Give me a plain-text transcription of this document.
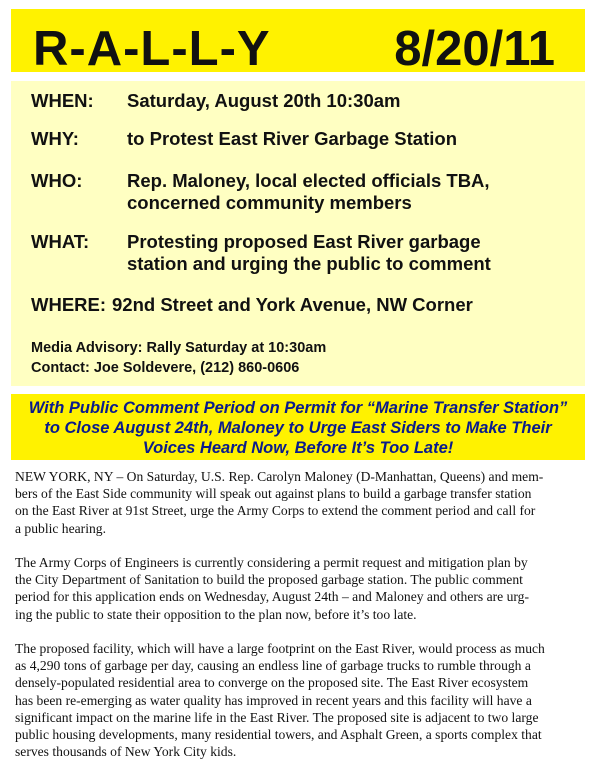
R-A-L-L-Y	8/20/11
WHEN: Saturday, August 20th 10:30am
WHY:	to Protest East River Garbage Station
WHO: Rep. Maloney, local elected officials TBA,
concerned community members
WHAT: Protesting proposed East River garbage
station and urging the public to comment
WHERE: 92nd Street and York Avenue, NW Corner
Media Advisory: Rally Saturday at 10:30am
Contact: Joe Soldevere, (212) 860-0606
With Public Comment Period on Permit for “Marine Transfer Station”
to Close August 24th, Maloney to Urge East Siders to Make Their
Voices Heard Now, Before It’s Too Late!
NEW YORK, NY – On Saturday, U.S. Rep. Carolyn Maloney (D-Manhattan, Queens) and mem-
bers of the East Side community will speak out against plans to build a garbage transfer station
on the East River at 91st Street, urge the Army Corps to extend the comment period and call for
a public hearing.
The Army Corps of Engineers is currently considering a permit request and mitigation plan by
the City Department of Sanitation to build the proposed garbage station. The public comment
period for this application ends on Wednesday, August 24th – and Maloney and others are urg-
ing the public to state their opposition to the plan now, before it’s too late.
The proposed facility, which will have a large footprint on the East River, would process as much
as 4,290 tons of garbage per day, causing an endless line of garbage trucks to rumble through a
densely-populated residential area to converge on the proposed site. The East River ecosystem
has been re-emerging as water quality has improved in recent years and this facility will have a
significant impact on the marine life in the East River. The proposed site is adjacent to two large
public housing developments, many residential towers, and Asphalt Green, a sports complex that
serves thousands of New York City kids.
